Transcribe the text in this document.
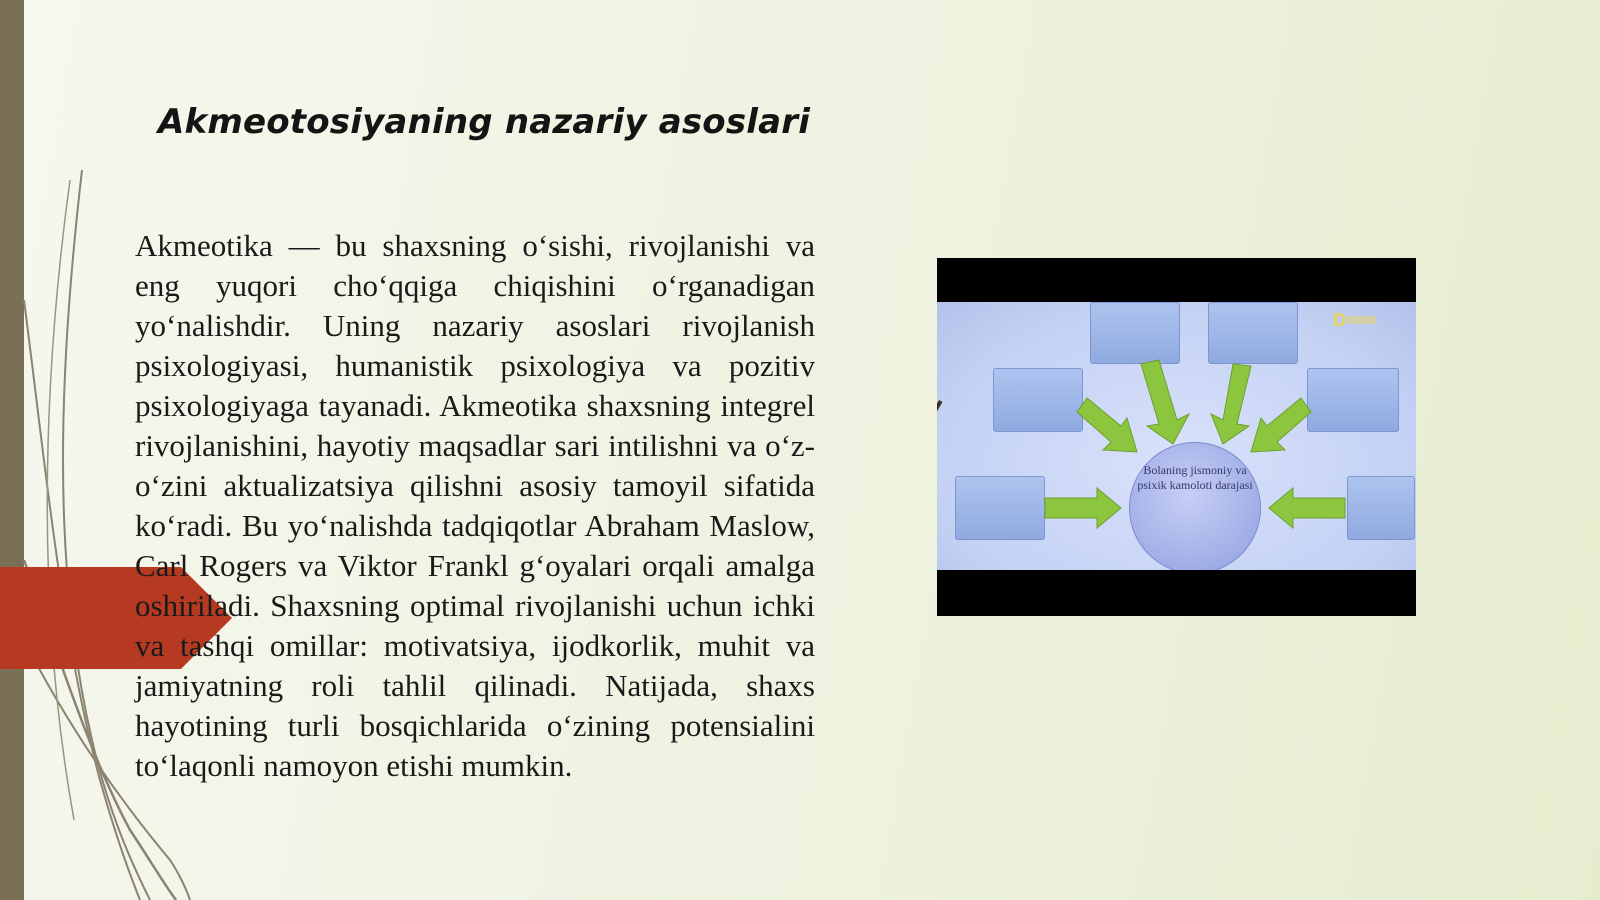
Akmeotosiyaning nazariy asoslari

Akmeotika — bu shaxsning o‘sishi, rivojlanishi va eng yuqori cho‘qqiga chiqishini o‘rganadigan yo‘nalishdir. Uning nazariy asoslari rivojlanish psixologiyasi, humanistik psixologiya va pozitiv psixologiyaga tayanadi. Akmeotika shaxsning integrel rivojlanishini, hayotiy maqsadlar sari intilishni va o‘z-o‘zini aktualizatsiya qilishni asosiy tamoyil sifatida ko‘radi. Bu yo‘nalishda tadqiqotlar Abraham Maslow, Carl Rogers va Viktor Frankl g‘oyalari orqali amalga oshiriladi. Shaxsning optimal rivojlanishi uchun ichki va tashqi omillar: motivatsiya, ijodkorlik, muhit va jamiyatning roli tahlil qilinadi. Natijada, shaxs hayotining turli bosqichlarida o‘zining potensialini to‘laqonli namoyon etishi mumkin.

D
Bolaning jismoniy va psixik kamoloti darajasi
